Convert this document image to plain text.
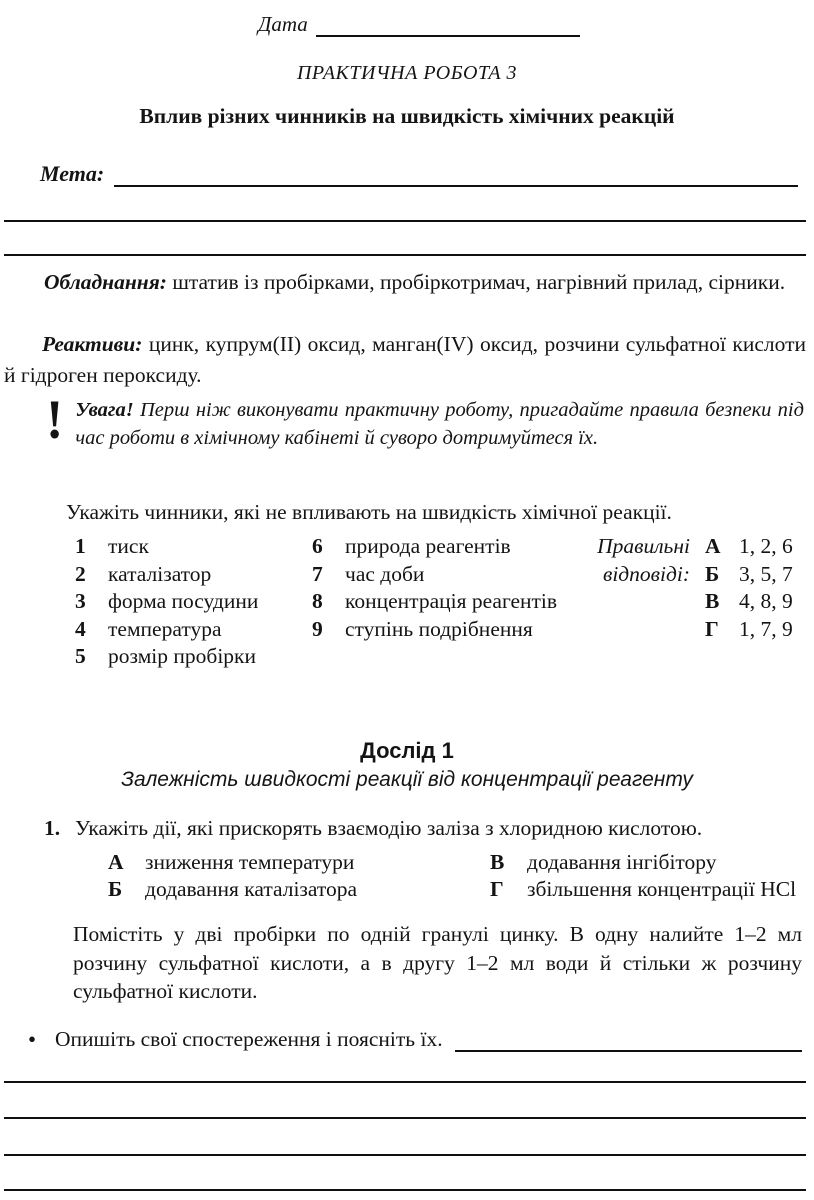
Дата
ПРАКТИЧНА РОБОТА 3
Вплив різних чинників на швидкість хімічних реакцій
Мета:
Обладнання: штатив із пробірками, пробіркотримач, нагрівний прилад, сірники.
Реактиви: цинк, купрум(II) оксид, манган(IV) оксид, розчини сульфатної кислоти й гідроген пероксиду.
! Увага! Перш ніж виконувати практичну роботу, пригадайте правила безпеки під час роботи в хімічному кабінеті й суворо дотримуйтеся їх.
Укажіть чинники, які не впливають на швидкість хімічної реакції.
1	тиск
2	каталізатор
3	форма посудини
4	температура
5	розмір пробірки
6	природа реагентів
7	час доби
8	концентрація реагентів
9	ступінь подрібнення
Правильні
відповіді:
А 1, 2, 6
Б 3, 5, 7
В 4, 8, 9
Г 1, 7, 9
Дослід 1
Залежність швидкості реакції від концентрації реагенту
1. Укажіть дії, які прискорять взаємодію заліза з хлоридною кислотою.
А зниження температури
Б	додавання каталізатора
В	додавання інгібітору
Г	збільшення концентрації HCl
Помістіть у дві пробірки по одній гранулі цинку. В одну налийте 1–2 мл розчину сульфатної кислоти, а в другу 1–2 мл води й стільки ж розчину сульфатної кислоти.
• Опишіть свої спостереження і поясніть їх.
